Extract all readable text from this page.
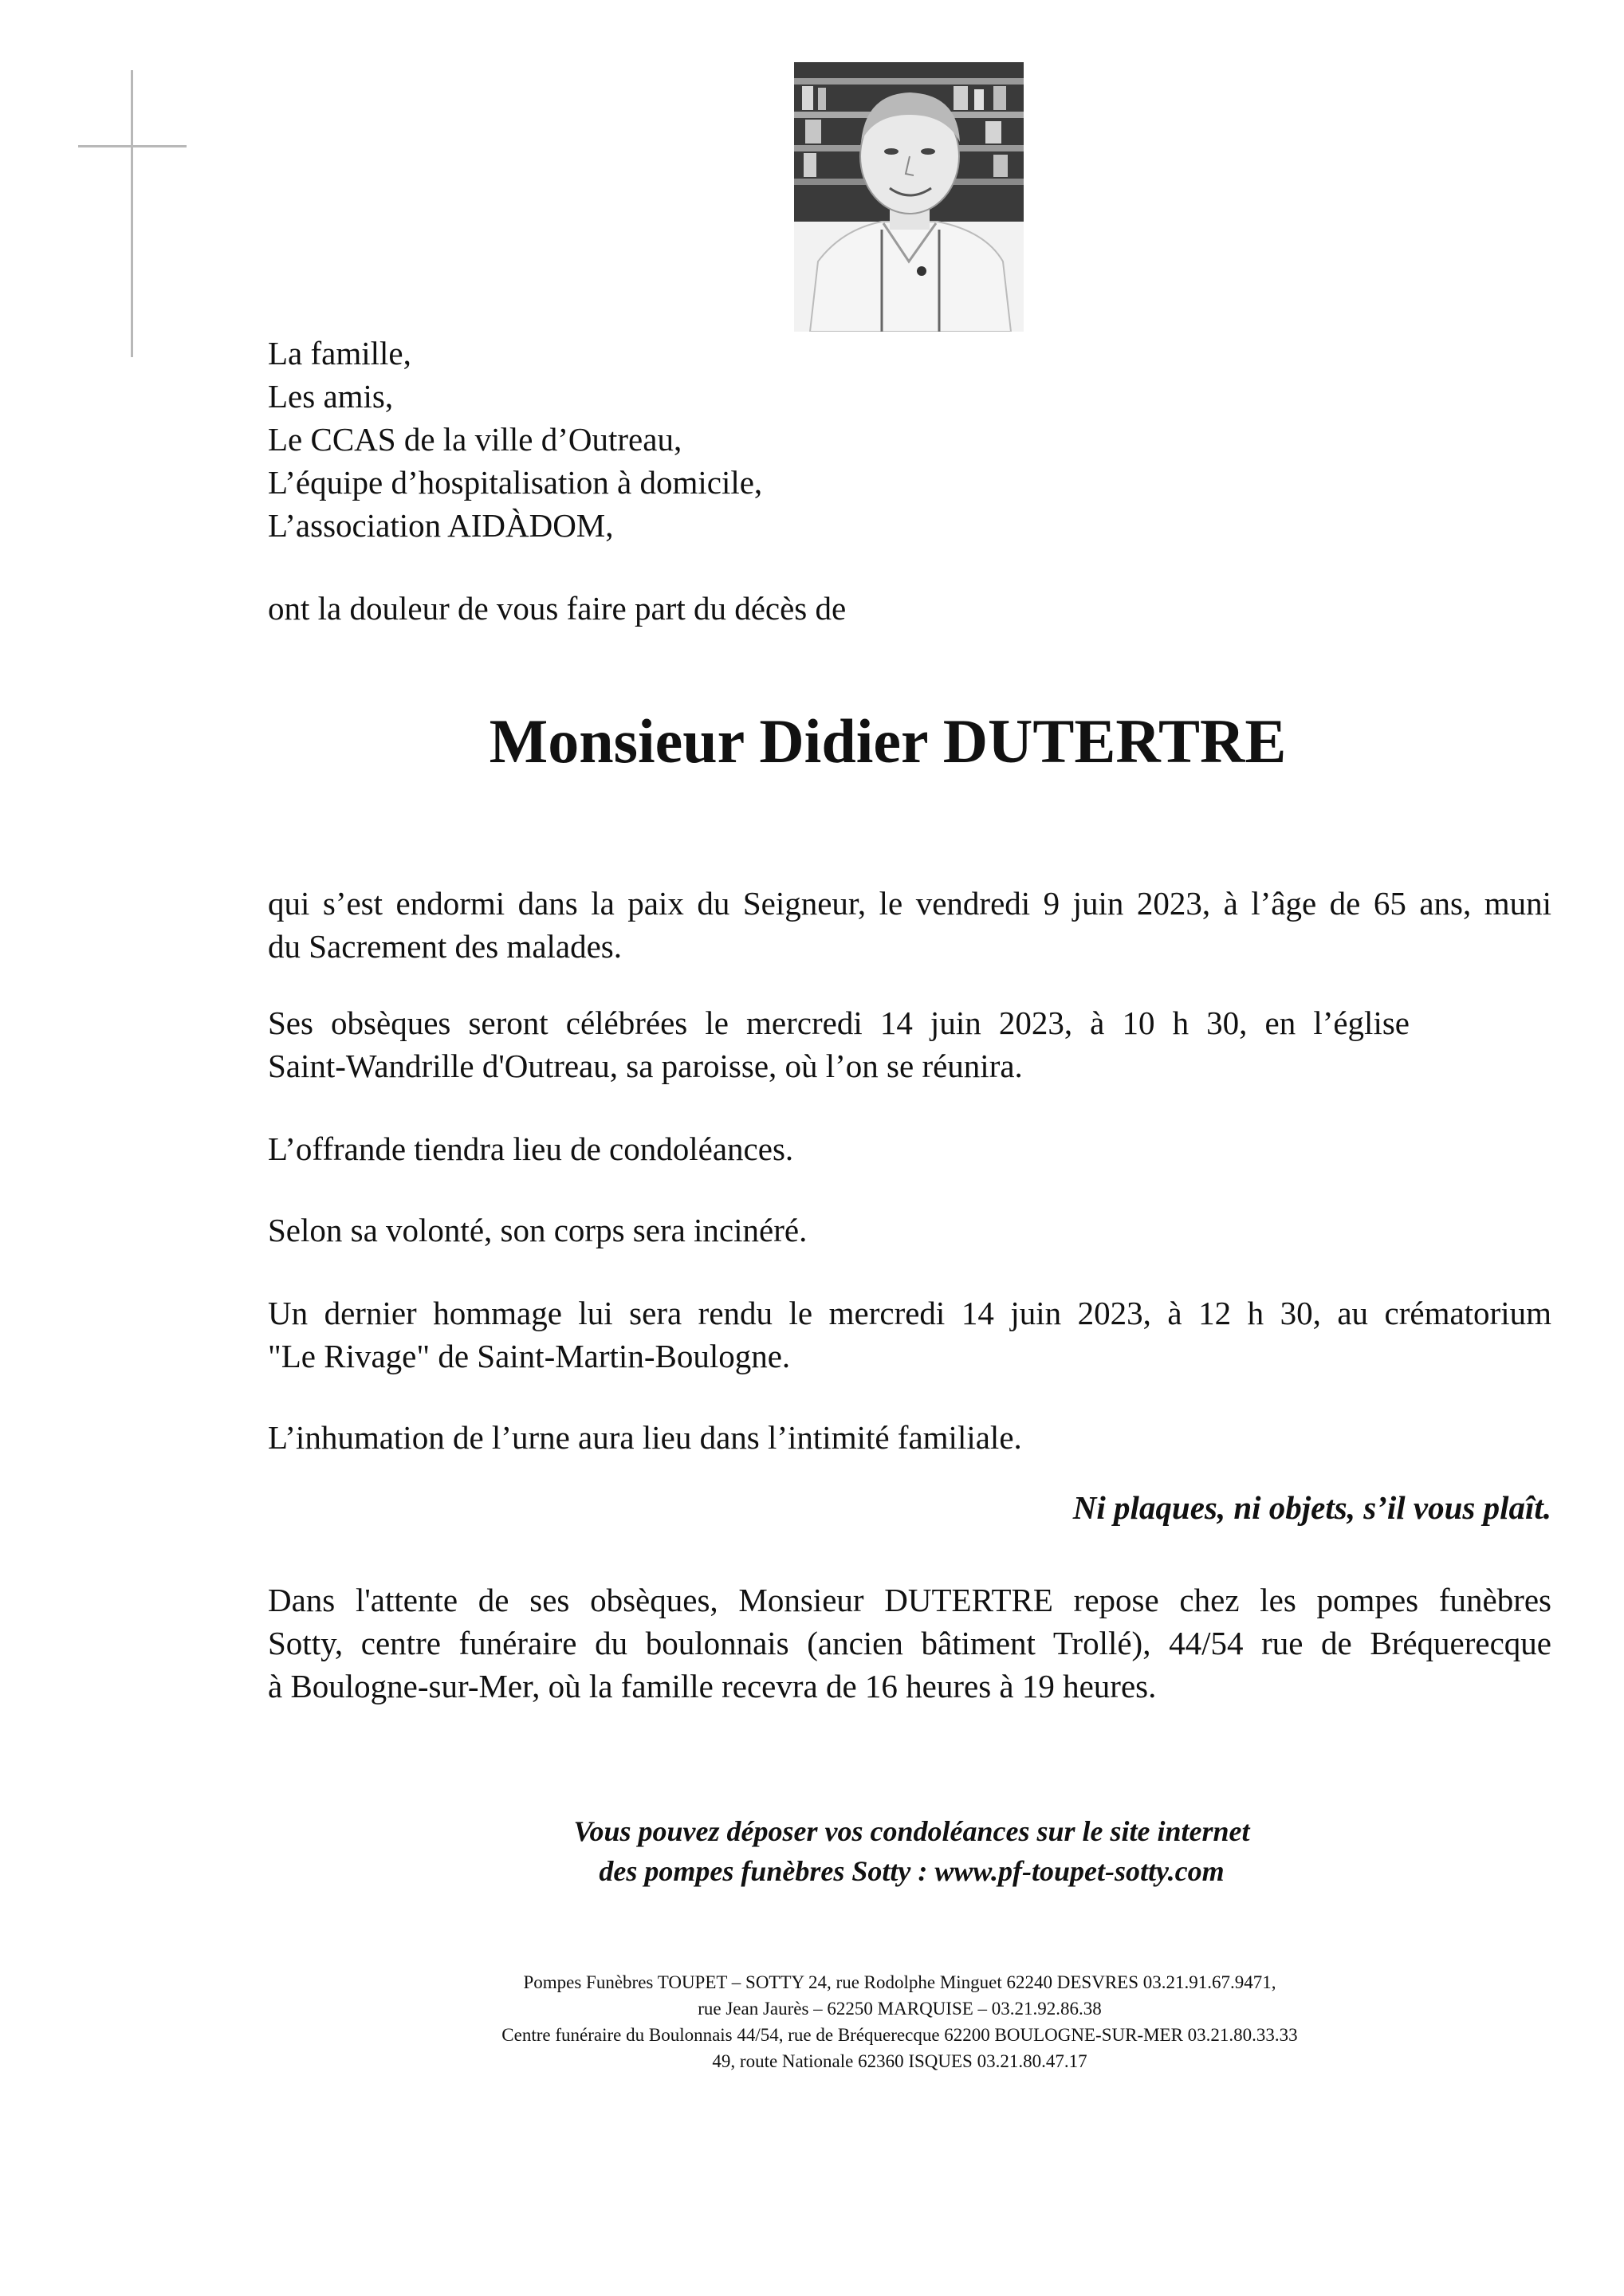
La famille,
Les amis,
Le CCAS de la ville d’Outreau,
L’équipe d’hospitalisation à domicile,
L’association AIDÀDOM,
ont la douleur de vous faire part du décès de
Monsieur Didier DUTERTRE
qui s’est endormi dans la paix du Seigneur, le vendredi 9 juin 2023, à l’âge de 65 ans, muni
du Sacrement des malades.
Ses obsèques seront célébrées le mercredi 14 juin 2023, à 10 h 30, en l’église
Saint-Wandrille d'Outreau, sa paroisse, où l’on se réunira.
L’offrande tiendra lieu de condoléances.
Selon sa volonté, son corps sera incinéré.
Un dernier hommage lui sera rendu le mercredi 14 juin 2023, à 12 h 30, au crématorium
"Le Rivage" de Saint-Martin-Boulogne.
L’inhumation de l’urne aura lieu dans l’intimité familiale.
Ni plaques, ni objets, s’il vous plaît.
Dans l'attente de ses obsèques, Monsieur DUTERTRE repose chez les pompes funèbres
Sotty, centre funéraire du boulonnais (ancien bâtiment Trollé), 44/54 rue de Bréquerecque
à Boulogne-sur-Mer, où la famille recevra de 16 heures à 19 heures.
Vous pouvez déposer vos condoléances sur le site internet
des pompes funèbres Sotty : www.pf-toupet-sotty.com
Pompes Funèbres TOUPET – SOTTY 24, rue Rodolphe Minguet 62240 DESVRES 03.21.91.67.9471,
rue Jean Jaurès – 62250 MARQUISE – 03.21.92.86.38
Centre funéraire du Boulonnais 44/54, rue de Bréquerecque 62200 BOULOGNE-SUR-MER 03.21.80.33.33
49, route Nationale 62360 ISQUES 03.21.80.47.17
